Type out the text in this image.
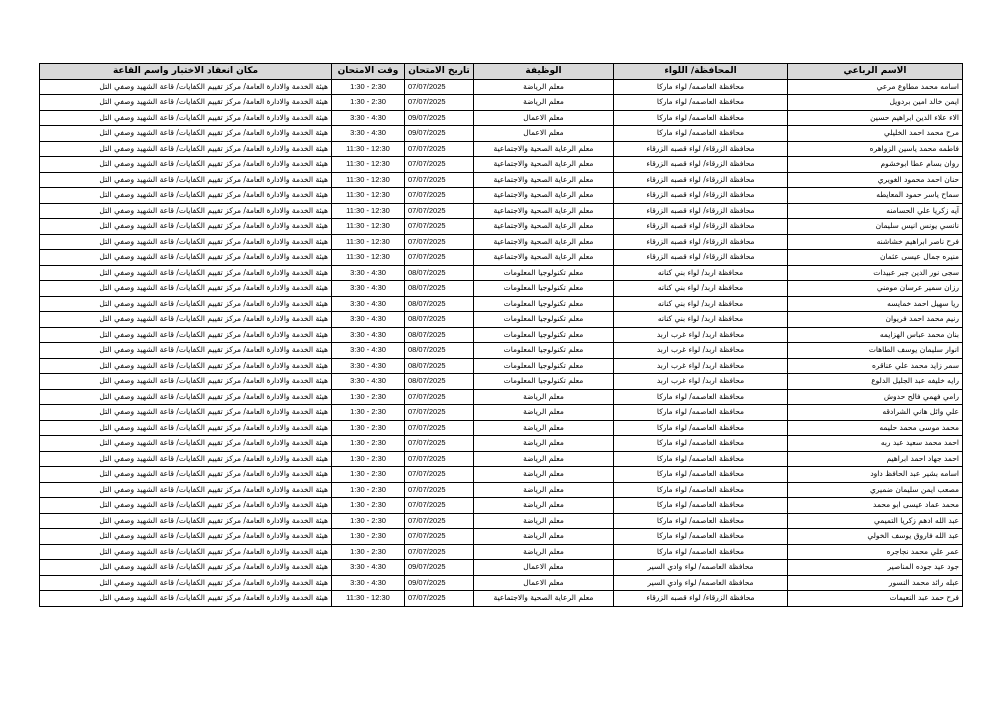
مكان انعقاد الاختبار واسم القاعة	وقت الامتحان	تاريخ الامتحان	الوظيفة	المحافظة/ اللواء	الاسم الرباعي
هيئة الخدمة والادارة العامة/ مركز تقييم الكفايات/ قاعة الشهيد وصفي التل	1:30 - 2:30	07/07/2025	معلم الرياضة	محافظة العاصمه/ لواء ماركا	اسامه محمد مطاوع مرعي
هيئة الخدمة والادارة العامة/ مركز تقييم الكفايات/ قاعة الشهيد وصفي التل	1:30 - 2:30	07/07/2025	معلم الرياضة	محافظة العاصمه/ لواء ماركا	ايمن خالد امين بردويل
هيئة الخدمة والادارة العامة/ مركز تقييم الكفايات/ قاعة الشهيد وصفي التل	3:30 - 4:30	09/07/2025	معلم الاعمال	محافظة العاصمه/ لواء ماركا	الاء علاء الدين ابراهيم حسين
هيئة الخدمة والادارة العامة/ مركز تقييم الكفايات/ قاعة الشهيد وصفي التل	3:30 - 4:30	09/07/2025	معلم الاعمال	محافظة العاصمه/ لواء ماركا	مرح محمد احمد الخليلي
هيئة الخدمة والادارة العامة/ مركز تقييم الكفايات/ قاعة الشهيد وصفي التل	11:30 - 12:30	07/07/2025	معلم الرعاية الصحية والاجتماعية	محافظة الزرقاء/ لواء قصبه الزرقاء	فاطمه محمد ياسين الزواهره
هيئة الخدمة والادارة العامة/ مركز تقييم الكفايات/ قاعة الشهيد وصفي التل	11:30 - 12:30	07/07/2025	معلم الرعاية الصحية والاجتماعية	محافظة الزرقاء/ لواء قصبه الزرقاء	روان بسام عطا ابوخشوم
هيئة الخدمة والادارة العامة/ مركز تقييم الكفايات/ قاعة الشهيد وصفي التل	11:30 - 12:30	07/07/2025	معلم الرعاية الصحية والاجتماعية	محافظة الزرقاء/ لواء قصبه الزرقاء	حنان احمد محمود الغويري
هيئة الخدمة والادارة العامة/ مركز تقييم الكفايات/ قاعة الشهيد وصفي التل	11:30 - 12:30	07/07/2025	معلم الرعاية الصحية والاجتماعية	محافظة الزرقاء/ لواء قصبه الزرقاء	سماح ياسر حمود المعايطه
هيئة الخدمة والادارة العامة/ مركز تقييم الكفايات/ قاعة الشهيد وصفي التل	11:30 - 12:30	07/07/2025	معلم الرعاية الصحية والاجتماعية	محافظة الزرقاء/ لواء قصبه الزرقاء	آيه زكريا علي الحسامنه
هيئة الخدمة والادارة العامة/ مركز تقييم الكفايات/ قاعة الشهيد وصفي التل	11:30 - 12:30	07/07/2025	معلم الرعاية الصحية والاجتماعية	محافظة الزرقاء/ لواء قصبه الزرقاء	نانسي يونس انيس سليمان
هيئة الخدمة والادارة العامة/ مركز تقييم الكفايات/ قاعة الشهيد وصفي التل	11:30 - 12:30	07/07/2025	معلم الرعاية الصحية والاجتماعية	محافظة الزرقاء/ لواء قصبه الزرقاء	فرح ناصر ابراهيم خشاشنه
هيئة الخدمة والادارة العامة/ مركز تقييم الكفايات/ قاعة الشهيد وصفي التل	11:30 - 12:30	07/07/2025	معلم الرعاية الصحية والاجتماعية	محافظة الزرقاء/ لواء قصبه الزرقاء	منيره جمال عيسى عثمان
هيئة الخدمة والادارة العامة/ مركز تقييم الكفايات/ قاعة الشهيد وصفي التل	3:30 - 4:30	08/07/2025	معلم تكنولوجيا المعلومات	محافظة اربد/ لواء بني كنانه	سجى نور الدين جبر عبيدات
هيئة الخدمة والادارة العامة/ مركز تقييم الكفايات/ قاعة الشهيد وصفي التل	3:30 - 4:30	08/07/2025	معلم تكنولوجيا المعلومات	محافظة اربد/ لواء بني كنانه	رزان سمير عرسان مومني
هيئة الخدمة والادارة العامة/ مركز تقييم الكفايات/ قاعة الشهيد وصفي التل	3:30 - 4:30	08/07/2025	معلم تكنولوجيا المعلومات	محافظة اربد/ لواء بني كنانه	ريا سهيل احمد خمايسه
هيئة الخدمة والادارة العامة/ مركز تقييم الكفايات/ قاعة الشهيد وصفي التل	3:30 - 4:30	08/07/2025	معلم تكنولوجيا المعلومات	محافظة اربد/ لواء بني كنانه	رنيم محمد احمد فريوان
هيئة الخدمة والادارة العامة/ مركز تقييم الكفايات/ قاعة الشهيد وصفي التل	3:30 - 4:30	08/07/2025	معلم تكنولوجيا المعلومات	محافظة اربد/ لواء غرب اربد	بنان محمد عباس الهزايمه
هيئة الخدمة والادارة العامة/ مركز تقييم الكفايات/ قاعة الشهيد وصفي التل	3:30 - 4:30	08/07/2025	معلم تكنولوجيا المعلومات	محافظة اربد/ لواء غرب اربد	انوار سليمان يوسف الطاهات
هيئة الخدمة والادارة العامة/ مركز تقييم الكفايات/ قاعة الشهيد وصفي التل	3:30 - 4:30	08/07/2025	معلم تكنولوجيا المعلومات	محافظة اربد/ لواء غرب اربد	سمر زايد محمد علي عناقره
هيئة الخدمة والادارة العامة/ مركز تقييم الكفايات/ قاعة الشهيد وصفي التل	3:30 - 4:30	08/07/2025	معلم تكنولوجيا المعلومات	محافظة اربد/ لواء غرب اربد	رايه خليفه عبد الجليل الدلوع
هيئة الخدمة والادارة العامة/ مركز تقييم الكفايات/ قاعة الشهيد وصفي التل	1:30 - 2:30	07/07/2025	معلم الرياضة	محافظة العاصمه/ لواء ماركا	رامي فهمي فالح حدوش
هيئة الخدمة والادارة العامة/ مركز تقييم الكفايات/ قاعة الشهيد وصفي التل	1:30 - 2:30	07/07/2025	معلم الرياضة	محافظة العاصمه/ لواء ماركا	علي وائل هاني الشرادقه
هيئة الخدمة والادارة العامة/ مركز تقييم الكفايات/ قاعة الشهيد وصفي التل	1:30 - 2:30	07/07/2025	معلم الرياضة	محافظة العاصمه/ لواء ماركا	محمد موسى محمد حليمه
هيئة الخدمة والادارة العامة/ مركز تقييم الكفايات/ قاعة الشهيد وصفي التل	1:30 - 2:30	07/07/2025	معلم الرياضة	محافظة العاصمه/ لواء ماركا	احمد محمد سعيد عبد ربه
هيئة الخدمة والادارة العامة/ مركز تقييم الكفايات/ قاعة الشهيد وصفي التل	1:30 - 2:30	07/07/2025	معلم الرياضة	محافظة العاصمه/ لواء ماركا	احمد جهاد احمد ابراهيم
هيئة الخدمة والادارة العامة/ مركز تقييم الكفايات/ قاعة الشهيد وصفي التل	1:30 - 2:30	07/07/2025	معلم الرياضة	محافظة العاصمه/ لواء ماركا	اسامه بشير عبد الحافظ داود
هيئة الخدمة والادارة العامة/ مركز تقييم الكفايات/ قاعة الشهيد وصفي التل	1:30 - 2:30	07/07/2025	معلم الرياضة	محافظة العاصمه/ لواء ماركا	مصعب ايمن سليمان ضميري
هيئة الخدمة والادارة العامة/ مركز تقييم الكفايات/ قاعة الشهيد وصفي التل	1:30 - 2:30	07/07/2025	معلم الرياضة	محافظة العاصمه/ لواء ماركا	محمد عماد عيسى ابو محمد
هيئة الخدمة والادارة العامة/ مركز تقييم الكفايات/ قاعة الشهيد وصفي التل	1:30 - 2:30	07/07/2025	معلم الرياضة	محافظة العاصمه/ لواء ماركا	عبد الله ادهم زكريا التميمي
هيئة الخدمة والادارة العامة/ مركز تقييم الكفايات/ قاعة الشهيد وصفي التل	1:30 - 2:30	07/07/2025	معلم الرياضة	محافظة العاصمه/ لواء ماركا	عبد الله فاروق يوسف الخولي
هيئة الخدمة والادارة العامة/ مركز تقييم الكفايات/ قاعة الشهيد وصفي التل	1:30 - 2:30	07/07/2025	معلم الرياضة	محافظة العاصمه/ لواء ماركا	عمر علي محمد نجاجره
هيئة الخدمة والادارة العامة/ مركز تقييم الكفايات/ قاعة الشهيد وصفي التل	3:30 - 4:30	09/07/2025	معلم الاعمال	محافظة العاصمه/ لواء وادي السير	جود عيد جوده المناصير
هيئة الخدمة والادارة العامة/ مركز تقييم الكفايات/ قاعة الشهيد وصفي التل	3:30 - 4:30	09/07/2025	معلم الاعمال	محافظة العاصمه/ لواء وادي السير	عبله رائد محمد النسور
هيئة الخدمة والادارة العامة/ مركز تقييم الكفايات/ قاعة الشهيد وصفي التل	11:30 - 12:30	07/07/2025	معلم الرعاية الصحية والاجتماعية	محافظة الزرقاء/ لواء قصبه الزرقاء	فرح حمد عبد النعيمات
